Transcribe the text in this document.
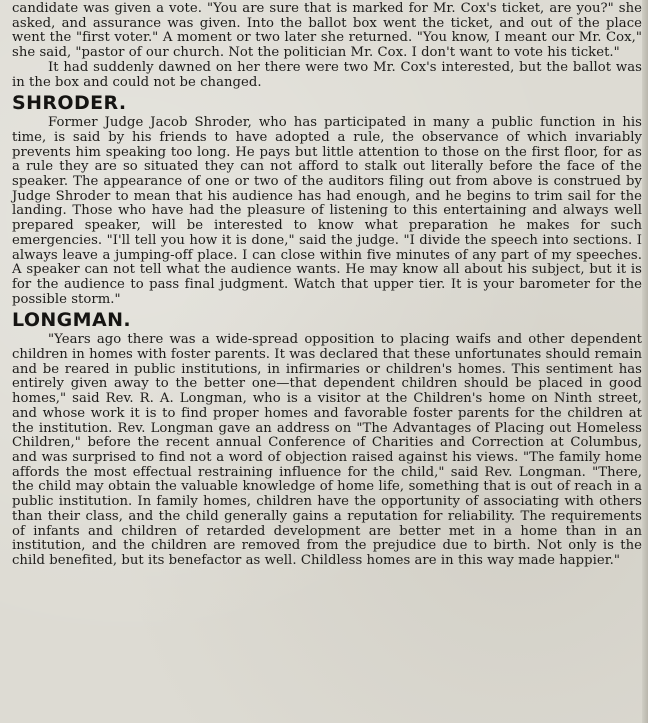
candidate was given a vote. "You are sure that is marked for Mr. Cox's ticket, are you?" she asked, and assurance was given. Into the ballot box went the ticket, and out of the place went the "first voter." A moment or two later she returned. "You know, I meant our Mr. Cox," she said, "pastor of our church. Not the politician Mr. Cox. I don't want to vote his ticket."

It had suddenly dawned on her there were two Mr. Cox's interested, but the ballot was in the box and could not be changed.

SHRODER.

Former Judge Jacob Shroder, who has participated in many a public function in his time, is said by his friends to have adopted a rule, the observance of which invariably prevents him speaking too long. He pays but little attention to those on the first floor, for as a rule they are so situated they can not afford to stalk out literally before the face of the speaker. The appearance of one or two of the auditors filing out from above is construed by Judge Shroder to mean that his audience has had enough, and he begins to trim sail for the landing. Those who have had the pleasure of listening to this entertaining and always well prepared speaker, will be interested to know what preparation he makes for such emergencies. "I'll tell you how it is done," said the judge. "I divide the speech into sections. I always leave a jumping-off place. I can close within five minutes of any part of my speeches. A speaker can not tell what the audience wants. He may know all about his subject, but it is for the audience to pass final judgment. Watch that upper tier. It is your barometer for the possible storm."

LONGMAN.

"Years ago there was a wide-spread opposition to placing waifs and other dependent children in homes with foster parents. It was declared that these unfortunates should remain and be reared in public institutions, in infirmaries or children's homes. This sentiment has entirely given away to the better one—that dependent children should be placed in good homes," said Rev. R. A. Longman, who is a visitor at the Children's home on Ninth street, and whose work it is to find proper homes and favorable foster parents for the children at the institution. Rev. Longman gave an address on "The Advantages of Placing out Homeless Children," before the recent annual Conference of Charities and Correction at Columbus, and was surprised to find not a word of objection raised against his views. "The family home affords the most effectual restraining influence for the child," said Rev. Longman. "There, the child may obtain the valuable knowledge of home life, something that is out of reach in a public institution. In family homes, children have the opportunity of associating with others than their class, and the child generally gains a reputation for reliability. The requirements of infants and children of retarded development are better met in a home than in an institution, and the children are removed from the prejudice due to birth. Not only is the child benefited, but its benefactor as well. Childless homes are in this way made happier."
